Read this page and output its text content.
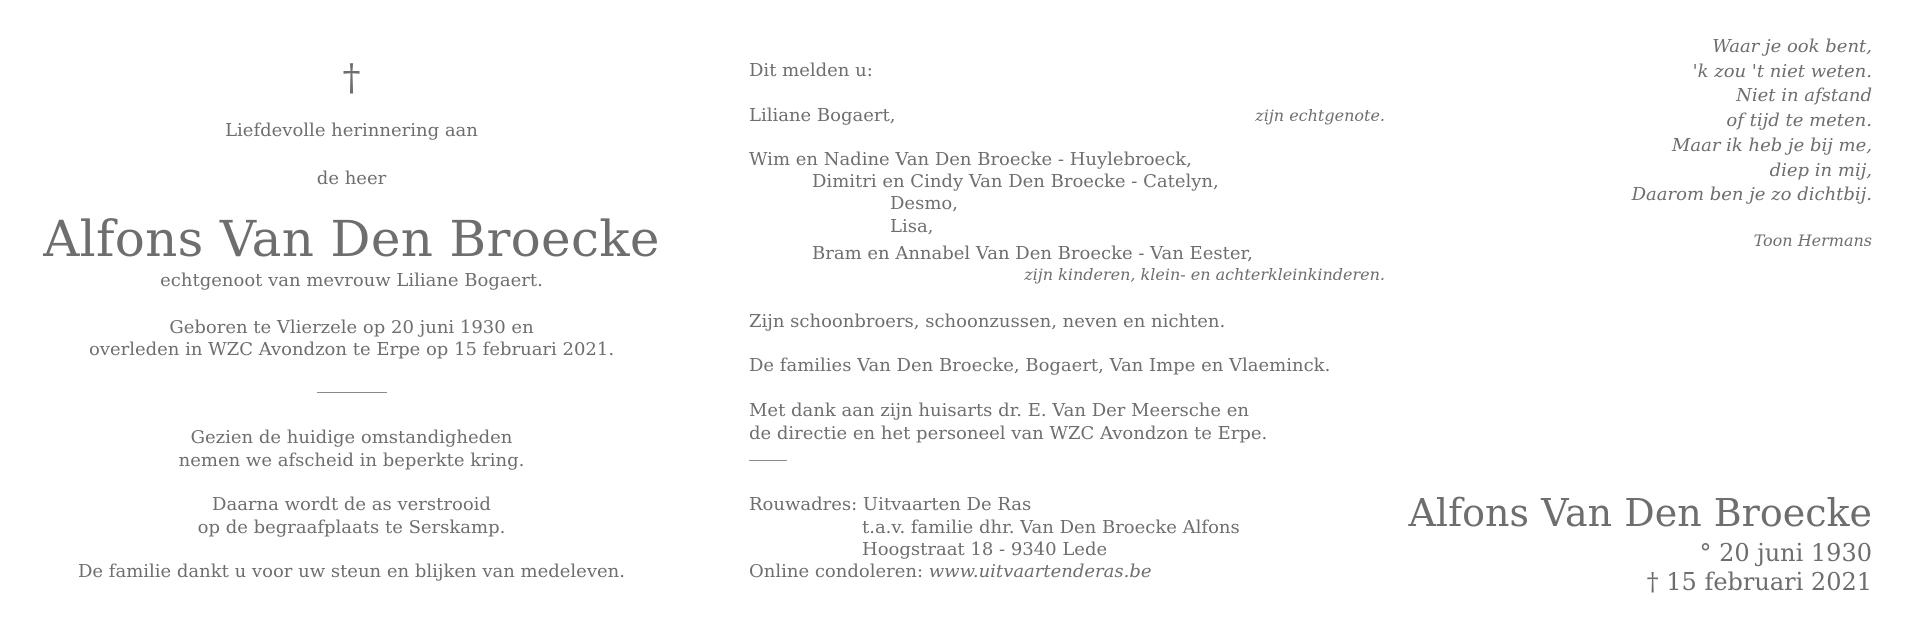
†
Liefdevolle herinnering aan
de heer
Alfons Van Den Broecke
echtgenoot van mevrouw Liliane Bogaert.
Geboren te Vlierzele op 20 juni 1930 en
overleden in WZC Avondzon te Erpe op 15 februari 2021.
Gezien de huidige omstandigheden
nemen we afscheid in beperkte kring.
Daarna wordt de as verstrooid
op de begraafplaats te Serskamp.
De familie dankt u voor uw steun en blijken van medeleven.
Dit melden u:
Liliane Bogaert,	zijn echtgenote.
Wim en Nadine Van Den Broecke - Huylebroeck,
Dimitri en Cindy Van Den Broecke - Catelyn,
Desmo,
Lisa,
Bram en Annabel Van Den Broecke - Van Eester,
zijn kinderen, klein- en achterkleinkinderen.
Zijn schoonbroers, schoonzussen, neven en nichten.
De families Van Den Broecke, Bogaert, Van Impe en Vlaeminck.
Met dank aan zijn huisarts dr. E. Van Der Meersche en
de directie en het personeel van WZC Avondzon te Erpe.
Rouwadres: Uitvaarten De Ras
t.a.v. familie dhr. Van Den Broecke Alfons
Hoogstraat 18 - 9340 Lede
Online condoleren: www.uitvaartenderas.be
Waar je ook bent,
'k zou 't niet weten.
Niet in afstand
of tijd te meten.
Maar ik heb je bij me,
diep in mij,
Daarom ben je zo dichtbij.
Toon Hermans
Alfons Van Den Broecke
° 20 juni 1930
† 15 februari 2021
